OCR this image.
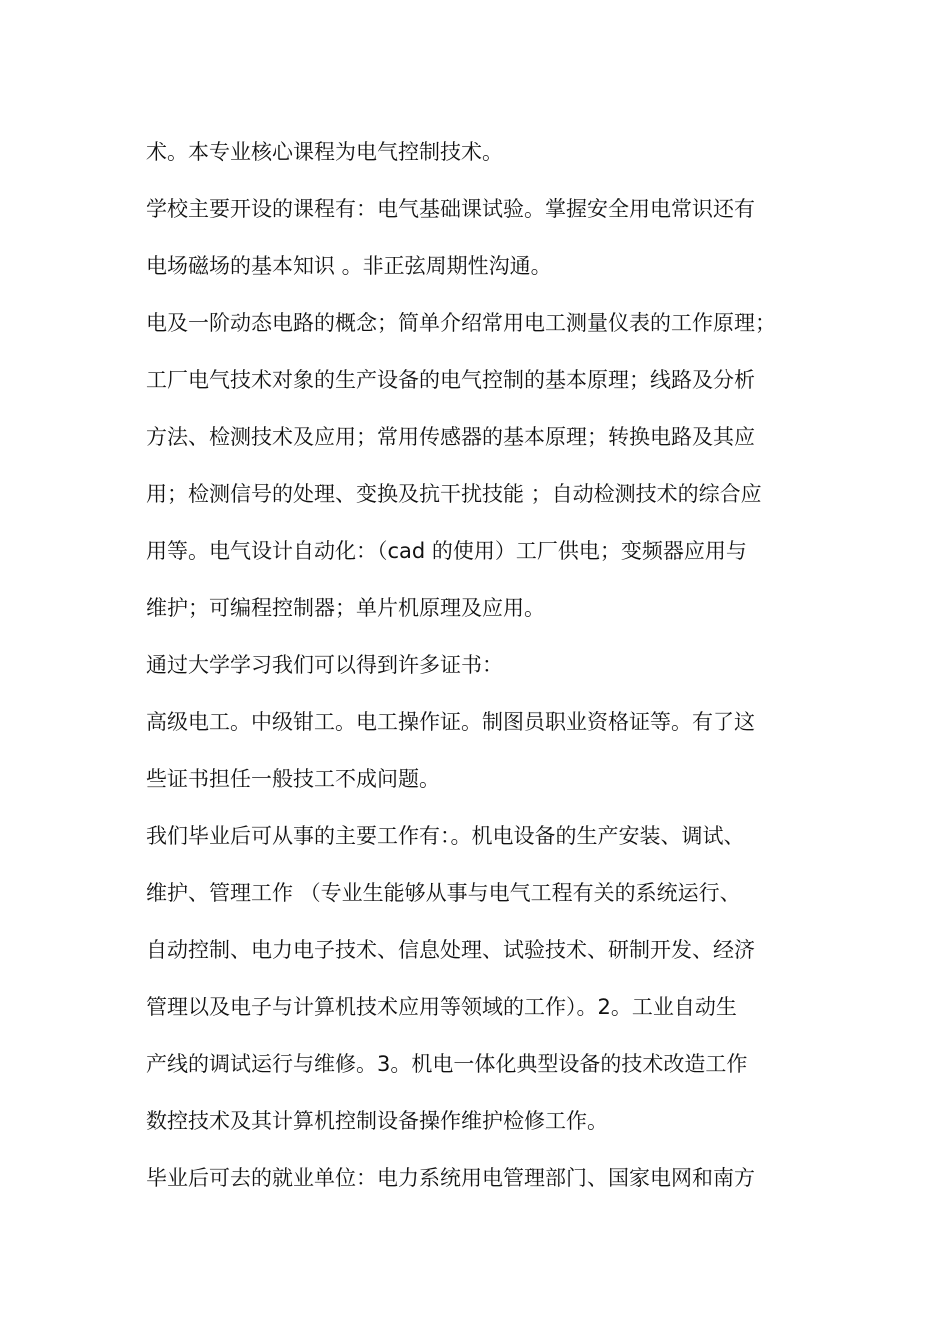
术。本专业核心课程为电气控制技术。
学校主要开设的课程有：电气基础课试验。掌握安全用电常识还有
电场磁场的基本知识 。非正弦周期性沟通。
电及一阶动态电路的概念；简单介绍常用电工测量仪表的工作原理；
工厂电气技术对象的生产设备的电气控制的基本原理；线路及分析
方法、检测技术及应用；常用传感器的基本原理；转换电路及其应
用；检测信号的处理、变换及抗干扰技能 ；自动检测技术的综合应
用等。电气设计自动化：（cad 的使用）工厂供电；变频器应用与
维护；可编程控制器；单片机原理及应用。
通过大学学习我们可以得到许多证书：
高级电工。中级钳工。电工操作证。制图员职业资格证等。有了这
些证书担任一般技工不成问题。
我们毕业后可从事的主要工作有：。机电设备的生产安装、调试、
维护、管理工作 （专业生能够从事与电气工程有关的系统运行、
自动控制、电力电子技术、信息处理、试验技术、研制开发、经济
管理以及电子与计算机技术应用等领域的工作）。2。工业自动生
产线的调试运行与维修。3。机电一体化典型设备的技术改造工作
数控技术及其计算机控制设备操作维护检修工作。
毕业后可去的就业单位：电力系统用电管理部门、国家电网和南方
